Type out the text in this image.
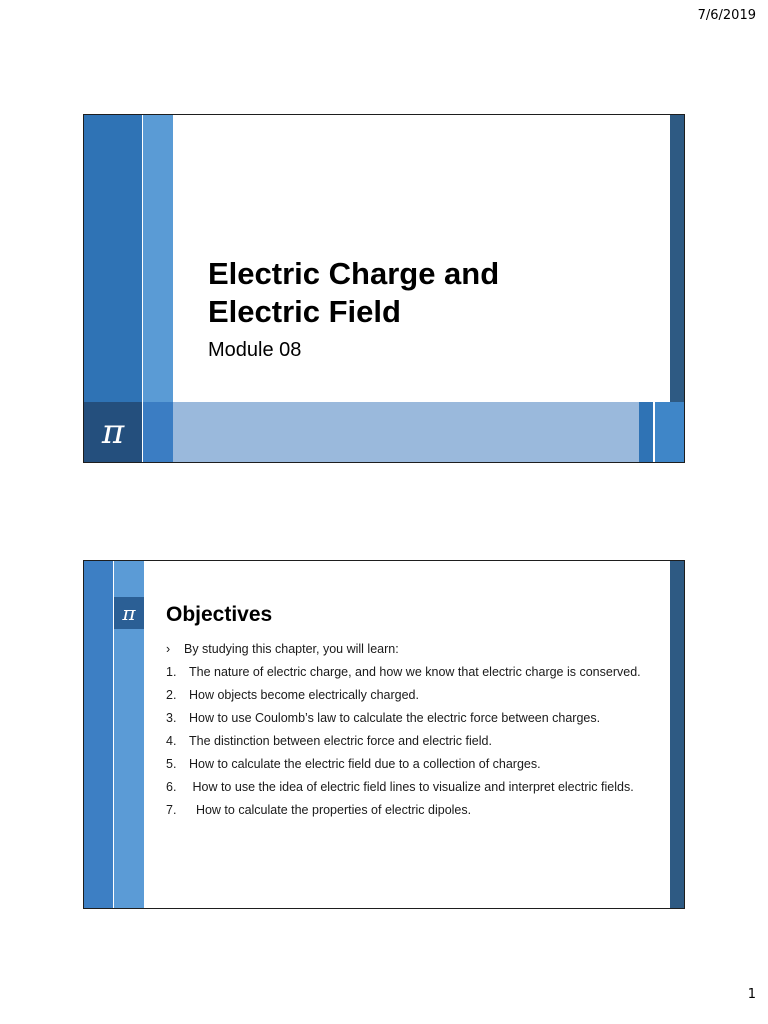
7/6/2019
π
Electric Charge and
Electric Field
Module 08
π	Objectives
›	By studying this chapter, you will learn:
1.	The nature of electric charge, and how we know that electric charge is conserved.
2.	How objects become electrically charged.
3.	How to use Coulomb’s law to calculate the electric force between charges.
4.	The distinction between electric force and electric field.
5.	How to calculate the electric field due to a collection of charges.
6.	How to use the idea of electric field lines to visualize and interpret electric fields.
7.	How to calculate the properties of electric dipoles.
1
